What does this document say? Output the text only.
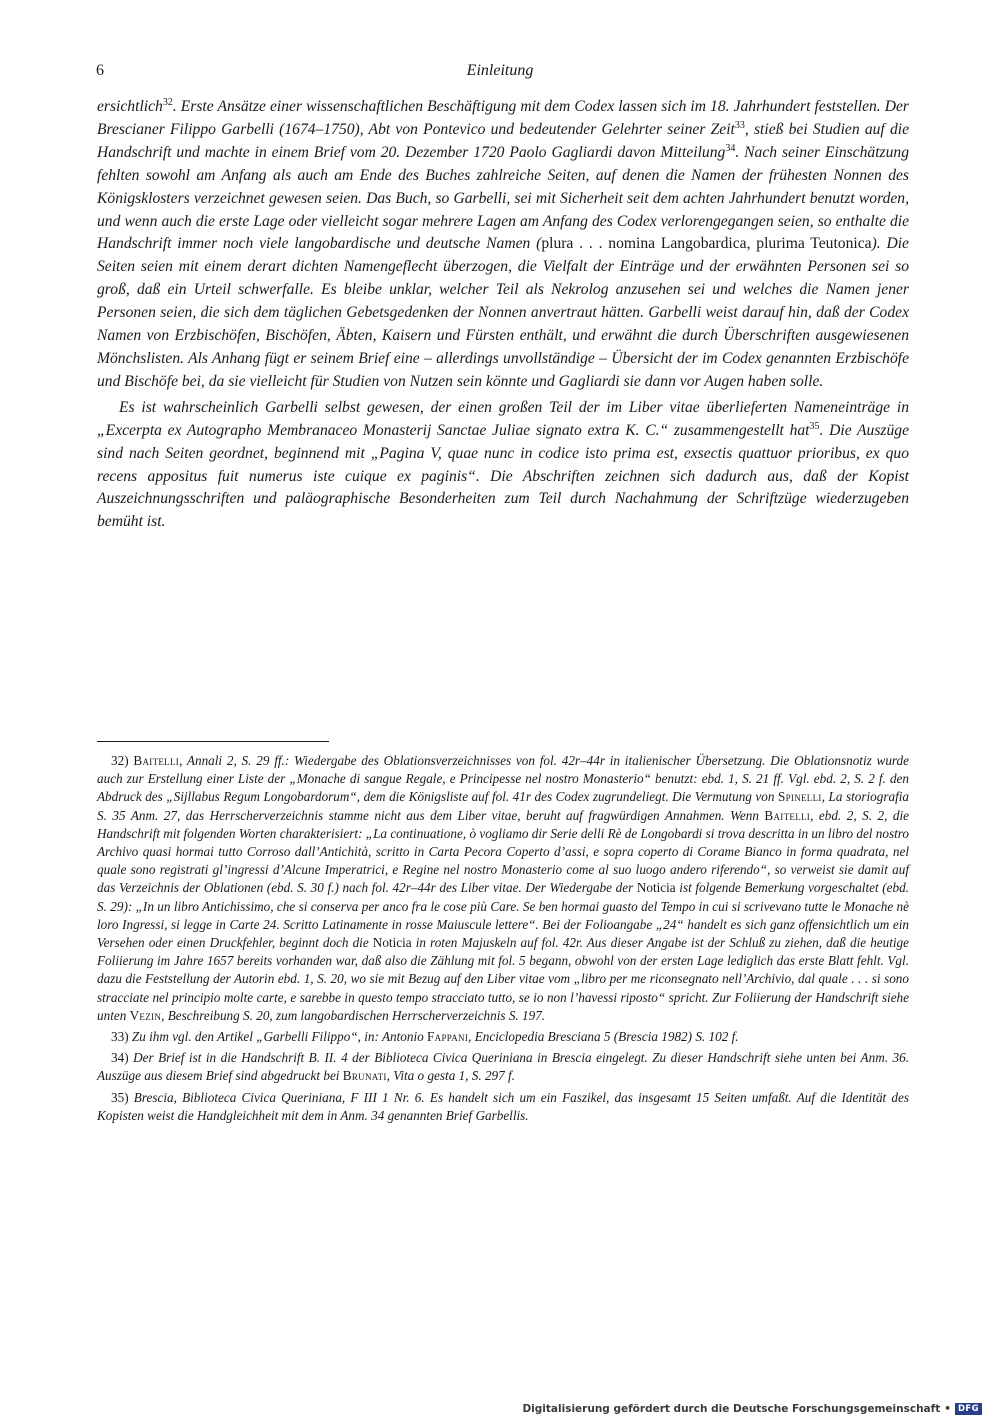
6	Einleitung

ersichtlich$^{32}$. Erste Ansätze einer wissenschaftlichen Beschäftigung mit dem Codex lassen sich im 18. Jahrhundert feststellen. Der Brescianer Filippo Garbelli (1674–1750), Abt von Pontevico und bedeutender Gelehrter seiner Zeit$^{33}$, stieß bei Studien auf die Handschrift und machte in einem Brief vom 20. Dezember 1720 Paolo Gagliardi davon Mitteilung$^{34}$. Nach seiner Einschätzung fehlten sowohl am Anfang als auch am Ende des Buches zahlreiche Seiten, auf denen die Namen der frühesten Nonnen des Königsklosters verzeichnet gewesen seien. Das Buch, so Garbelli, sei mit Sicherheit seit dem achten Jahrhundert benutzt worden, und wenn auch die erste Lage oder vielleicht sogar mehrere Lagen am Anfang des Codex verlorengegangen seien, so enthalte die Handschrift immer noch viele langobardische und deutsche Namen (plura . . . nomina Langobardica, plurima Teutonica). Die Seiten seien mit einem derart dichten Namengeflecht überzogen, die Vielfalt der Einträge und der erwähnten Personen sei so groß, daß ein Urteil schwerfalle. Es bleibe unklar, welcher Teil als Nekrolog anzusehen sei und welches die Namen jener Personen seien, die sich dem täglichen Gebetsgedenken der Nonnen anvertraut hätten. Garbelli weist darauf hin, daß der Codex Namen von Erzbischöfen, Bischöfen, Äbten, Kaisern und Fürsten enthält, und erwähnt die durch Überschriften ausgewiesenen Mönchslisten. Als Anhang fügt er seinem Brief eine – allerdings unvollständige – Übersicht der im Codex genannten Erzbischöfe und Bischöfe bei, da sie vielleicht für Studien von Nutzen sein könnte und Gagliardi sie dann vor Augen haben solle.

Es ist wahrscheinlich Garbelli selbst gewesen, der einen großen Teil der im Liber vitae überlieferten Nameneinträge in „Excerpta ex Autographo Membranaceo Monasterij Sanctae Juliae signato extra K. C.“ zusammengestellt hat$^{35}$. Die Auszüge sind nach Seiten geordnet, beginnend mit „Pagina V, quae nunc in codice isto prima est, exsectis quattuor prioribus, ex quo recens appositus fuit numerus iste cuique ex paginis“. Die Abschriften zeichnen sich dadurch aus, daß der Kopist Auszeichnungsschriften und paläographische Besonderheiten zum Teil durch Nachahmung der Schriftzüge wiederzugeben bemüht ist.

32) Baitelli, Annali 2, S. 29 ff.: Wiedergabe des Oblationsverzeichnisses von fol. 42r–44r in italienischer Übersetzung. Die Oblationsnotiz wurde auch zur Erstellung einer Liste der „Monache di sangue Regale, e Principesse nel nostro Monasterio“ benutzt: ebd. 1, S. 21 ff. Vgl. ebd. 2, S. 2 f. den Abdruck des „Sijllabus Regum Longobardorum“, dem die Königsliste auf fol. 41r des Codex zugrundeliegt. Die Vermutung von Spinelli, La storiografia S. 35 Anm. 27, das Herrscherverzeichnis stamme nicht aus dem Liber vitae, beruht auf fragwürdigen Annahmen. Wenn Baitelli, ebd. 2, S. 2, die Handschrift mit folgenden Worten charakterisiert: „La continuatione, ò vogliamo dir Serie delli Rè de Longobardi si trova descritta in un libro del nostro Archivo quasi hormai tutto Corroso dall’Antichità, scritto in Carta Pecora Coperto d’assi, e sopra coperto di Corame Bianco in forma quadrata, nel quale sono registrati gl’ingressi d’Alcune Imperatrici, e Regine nel nostro Monasterio come al suo luogo andero riferendo“, so verweist sie damit auf das Verzeichnis der Oblationen (ebd. S. 30 f.) nach fol. 42r–44r des Liber vitae. Der Wiedergabe der Noticia ist folgende Bemerkung vorgeschaltet (ebd. S. 29): „In un libro Antichissimo, che si conserva per anco fra le cose più Care. Se ben hormai guasto del Tempo in cui si scrivevano tutte le Monache nè loro Ingressi, si legge in Carte 24. Scritto Latinamente in rosse Maiuscule lettere“. Bei der Folioangabe „24“ handelt es sich ganz offensichtlich um ein Versehen oder einen Druckfehler, beginnt doch die Noticia in roten Majuskeln auf fol. 42r. Aus dieser Angabe ist der Schluß zu ziehen, daß die heutige Foliierung im Jahre 1657 bereits vorhanden war, daß also die Zählung mit fol. 5 begann, obwohl von der ersten Lage lediglich das erste Blatt fehlt. Vgl. dazu die Feststellung der Autorin ebd. 1, S. 20, wo sie mit Bezug auf den Liber vitae vom „libro per me riconsegnato nell’Archivio, dal quale . . . si sono stracciate nel principio molte carte, e sarebbe in questo tempo stracciato tutto, se io non l’havessi riposto“ spricht. Zur Foliierung der Handschrift siehe unten Vezin, Beschreibung S. 20, zum langobardischen Herrscherverzeichnis S. 197.

33) Zu ihm vgl. den Artikel „Garbelli Filippo“, in: Antonio Fappani, Enciclopedia Bresciana 5 (Brescia 1982) S. 102 f.

34) Der Brief ist in die Handschrift B. II. 4 der Biblioteca Civica Queriniana in Brescia eingelegt. Zu dieser Handschrift siehe unten bei Anm. 36. Auszüge aus diesem Brief sind abgedruckt bei Brunati, Vita o gesta 1, S. 297 f.

35) Brescia, Biblioteca Civica Queriniana, F III 1 Nr. 6. Es handelt sich um ein Faszikel, das insgesamt 15 Seiten umfaßt. Auf die Identität des Kopisten weist die Handgleichheit mit dem in Anm. 34 genannten Brief Garbellis.

Digitalisierung gefördert durch die Deutsche Forschungsgemeinschaft • DFG
